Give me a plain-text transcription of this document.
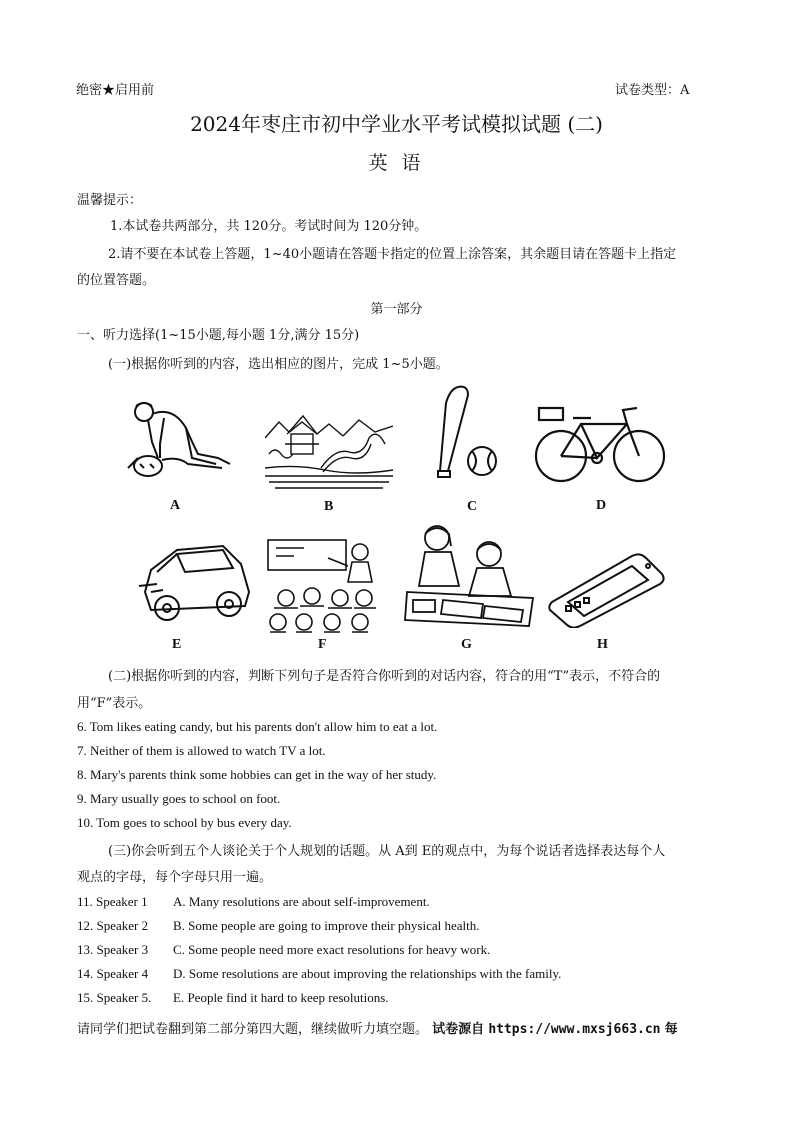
绝密★启用前	试卷类型：A
2024年枣庄市初中学业水平考试模拟试题 (二)
英 语
温馨提示：
1.本试卷共两部分，共 120分。考试时间为 120分钟。
2.请不要在本试卷上答题，1~40小题请在答题卡指定的位置上涂答案，其余题目请在答题卡上指定
的位置答题。
第一部分
一、听力选择(1~15小题,每小题 1分,满分 15分)
(一)根据你听到的内容，选出相应的图片，完成 1~5小题。
A	B	C	D
E	F	G	H
(二)根据你听到的内容，判断下列句子是否符合你听到的对话内容，符合的用“T”表示，不符合的
用“F”表示。
6. Tom likes eating candy, but his parents don't allow him to eat a lot.
7. Neither of them is allowed to watch TV a lot.
8. Mary's parents think some hobbies can get in the way of her study.
9. Mary usually goes to school on foot.
10. Tom goes to school by bus every day.
(三)你会听到五个人谈论关于个人规划的话题。从 A到 E的观点中，为每个说话者选择表达每个人
观点的字母，每个字母只用一遍。
11. Speaker 1 A. Many resolutions are about self-improvement.
12. Speaker 2 B. Some people are going to improve their physical health.
13. Speaker 3 C. Some people need more exact resolutions for heavy work.
14. Speaker 4 D. Some resolutions are about improving the relationships with the family.
15. Speaker 5. E. People find it hard to keep resolutions.
请同学们把试卷翻到第二部分第四大题，继续做听力填空题。 试卷源自 https://www.mxsj663.cn 每
